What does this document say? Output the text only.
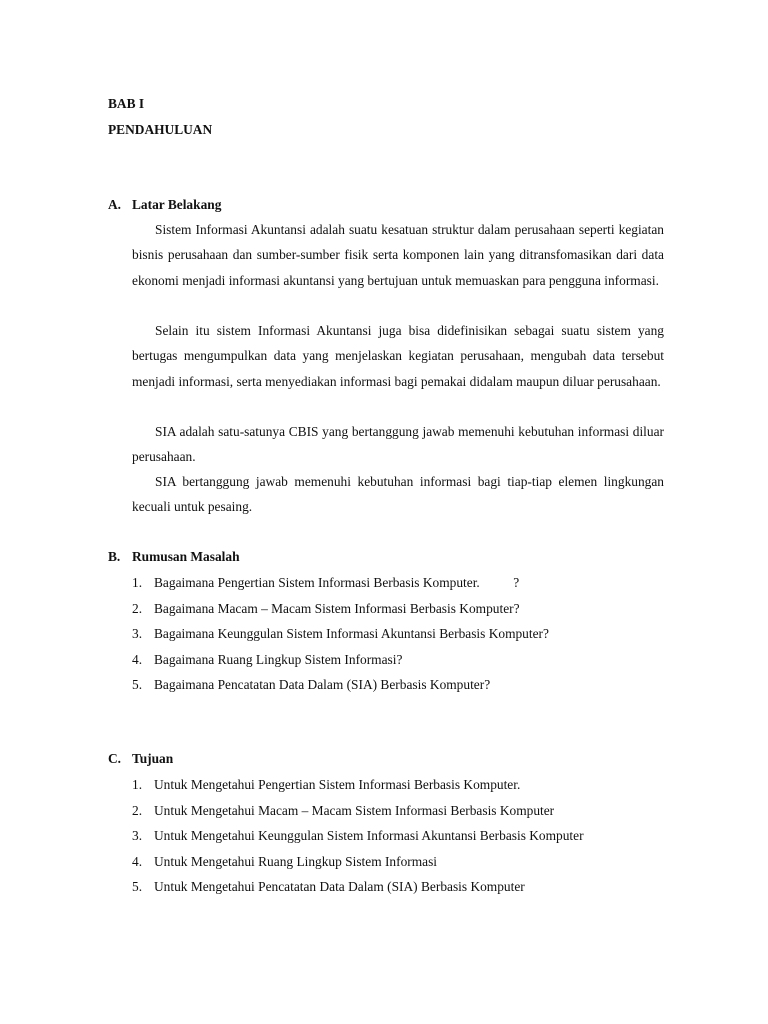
BAB I
PENDAHULUAN
A. Latar Belakang

Sistem Informasi Akuntansi adalah suatu kesatuan struktur dalam perusahaan seperti kegiatan bisnis perusahaan dan sumber-sumber fisik serta komponen lain yang ditransfomasikan dari data ekonomi menjadi informasi akuntansi yang bertujuan untuk memuaskan para pengguna informasi.

Selain itu sistem Informasi Akuntansi juga bisa didefinisikan sebagai suatu sistem yang bertugas mengumpulkan data yang menjelaskan kegiatan perusahaan, mengubah data tersebut menjadi informasi, serta menyediakan informasi bagi pemakai didalam maupun diluar perusahaan.

SIA adalah satu-satunya CBIS yang bertanggung jawab memenuhi kebutuhan informasi diluar perusahaan.

SIA bertanggung jawab memenuhi kebutuhan informasi bagi tiap-tiap elemen lingkungan kecuali untuk pesaing.

B. Rumusan Masalah
1. Bagaimana Pengertian Sistem Informasi Berbasis Komputer.          ?
2. Bagaimana Macam – Macam Sistem Informasi Berbasis Komputer?
3. Bagaimana Keunggulan Sistem Informasi Akuntansi Berbasis Komputer?
4. Bagaimana Ruang Lingkup Sistem Informasi?
5. Bagaimana Pencatatan Data Dalam (SIA) Berbasis Komputer?
C. Tujuan
1. Untuk Mengetahui Pengertian Sistem Informasi Berbasis Komputer.
2. Untuk Mengetahui Macam – Macam Sistem Informasi Berbasis Komputer
3. Untuk Mengetahui Keunggulan Sistem Informasi Akuntansi Berbasis Komputer
4. Untuk Mengetahui Ruang Lingkup Sistem Informasi
5. Untuk Mengetahui Pencatatan Data Dalam (SIA) Berbasis Komputer
